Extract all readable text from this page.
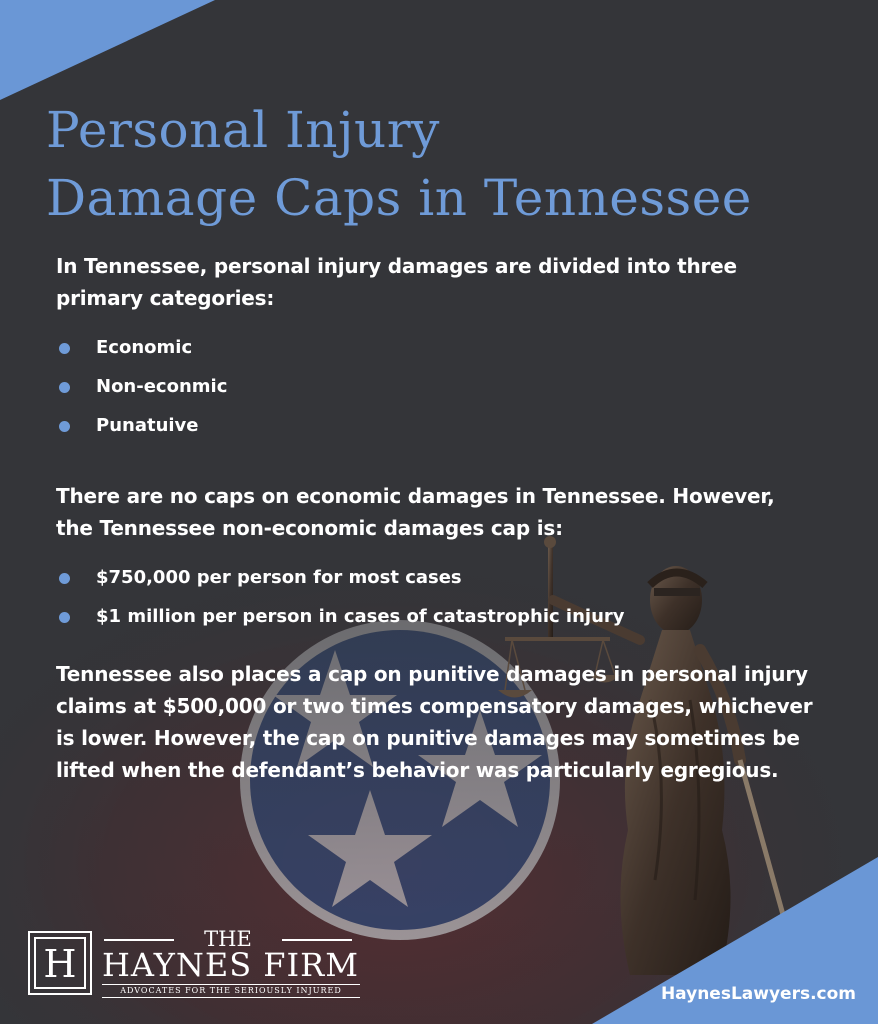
Personal Injury
Damage Caps in Tennessee

In Tennessee, personal injury damages are divided into three primary categories:

Economic
Non-econmic
Punatuive

There are no caps on economic damages in Tennessee. However, the Tennessee non-economic damages cap is:

$750,000 per person for most cases
$1 million per person in cases of catastrophic injury

Tennessee also places a cap on punitive damages in personal injury claims at $500,000 or two times compensatory damages, whichever is lower. However, the cap on punitive damages may sometimes be lifted when the defendant’s behavior was particularly egregious.

H
THE
HAYNES FIRM
ADVOCATES FOR THE SERIOUSLY INJURED	HaynesLawyers.com
